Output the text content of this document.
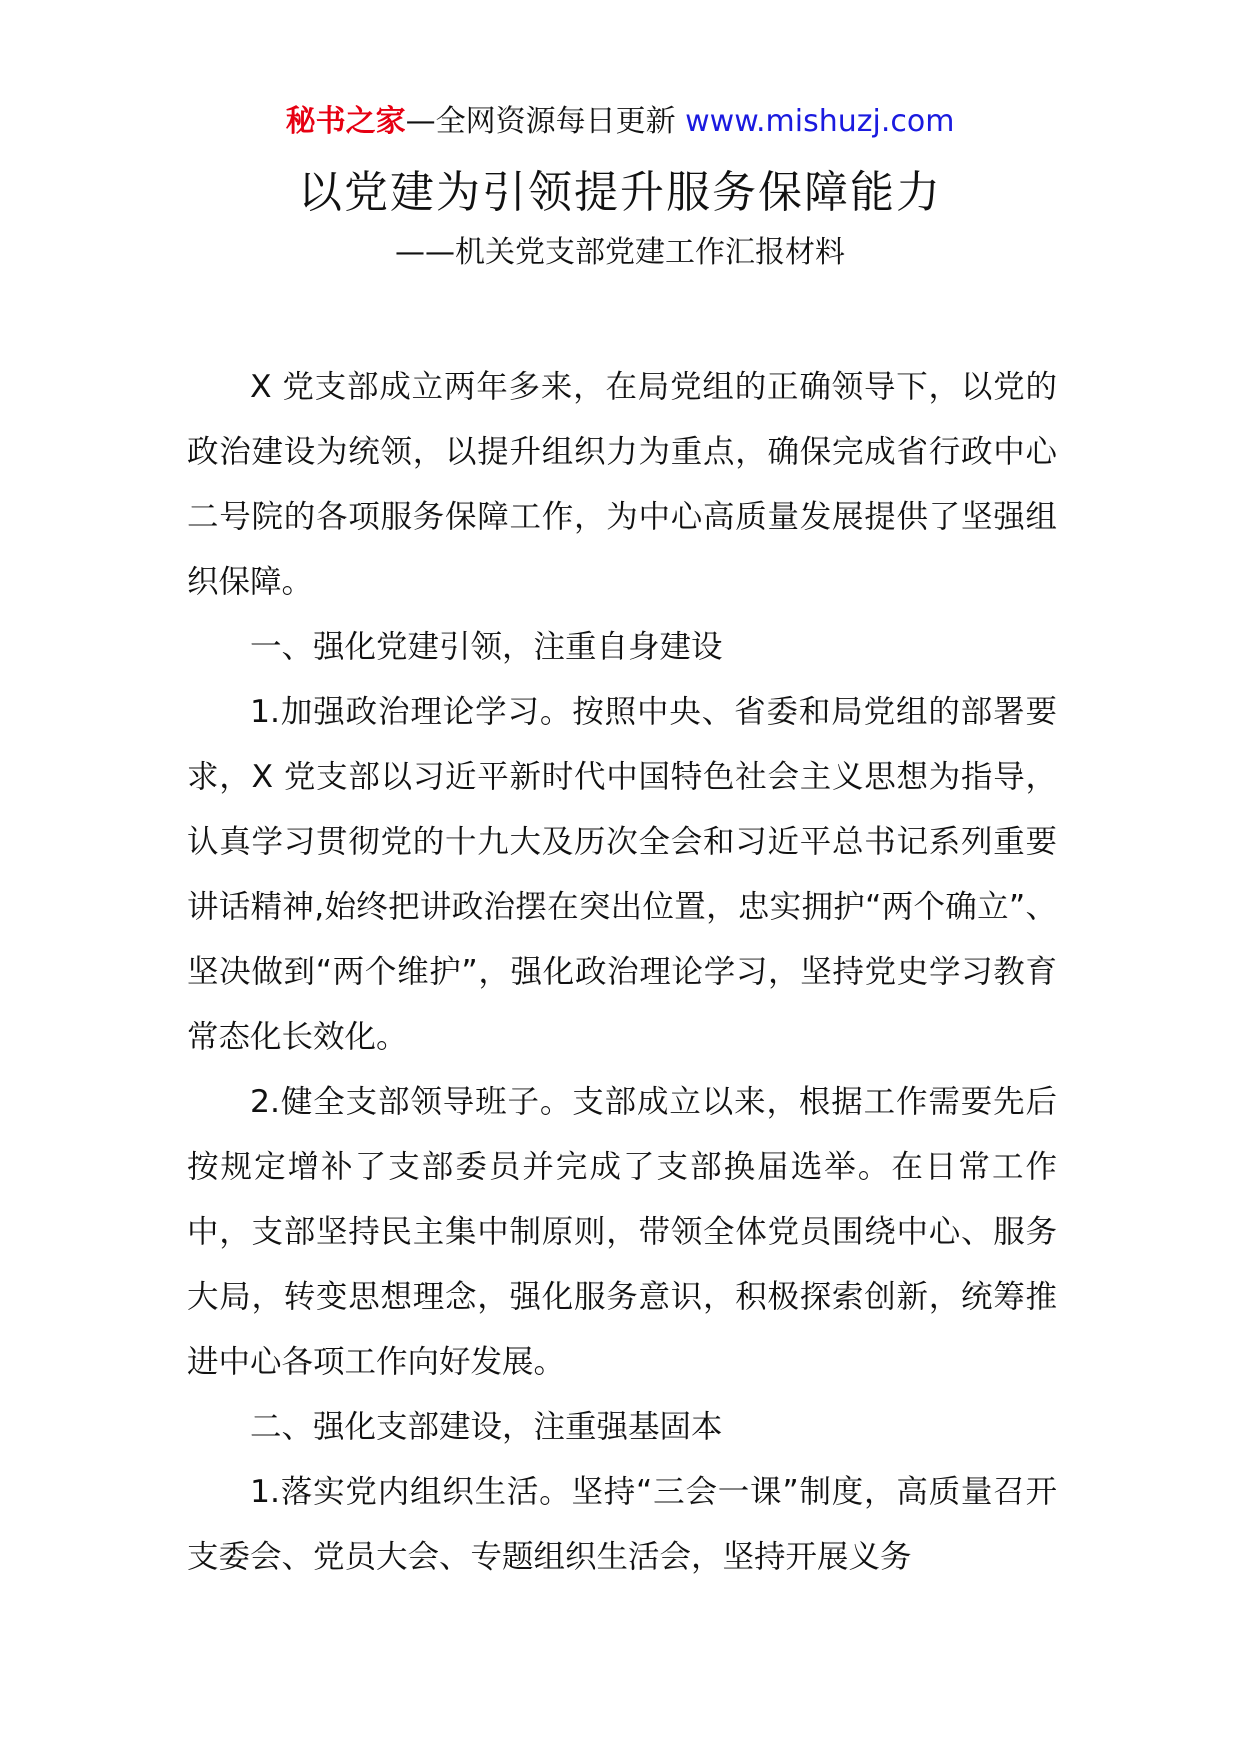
秘书之家—全网资源每日更新 www.mishuzj.com
以党建为引领提升服务保障能力
——机关党支部党建工作汇报材料

X 党支部成立两年多来，在局党组的正确领导下，以党的政治建设为统领，以提升组织力为重点，确保完成省行政中心二号院的各项服务保障工作，为中心高质量发展提供了坚强组织保障。

一、强化党建引领，注重自身建设

1.加强政治理论学习。按照中央、省委和局党组的部署要求，X 党支部以习近平新时代中国特色社会主义思想为指导，认真学习贯彻党的十九大及历次全会和习近平总书记系列重要讲话精神,始终把讲政治摆在突出位置，忠实拥护“两个确立”、坚决做到“两个维护”，强化政治理论学习，坚持党史学习教育常态化长效化。

2.健全支部领导班子。支部成立以来，根据工作需要先后按规定增补了支部委员并完成了支部换届选举。在日常工作中，支部坚持民主集中制原则，带领全体党员围绕中心、服务大局，转变思想理念，强化服务意识，积极探索创新，统筹推进中心各项工作向好发展。

二、强化支部建设，注重强基固本

1.落实党内组织生活。坚持“三会一课”制度，高质量召开支委会、党员大会、专题组织生活会，坚持开展义务
